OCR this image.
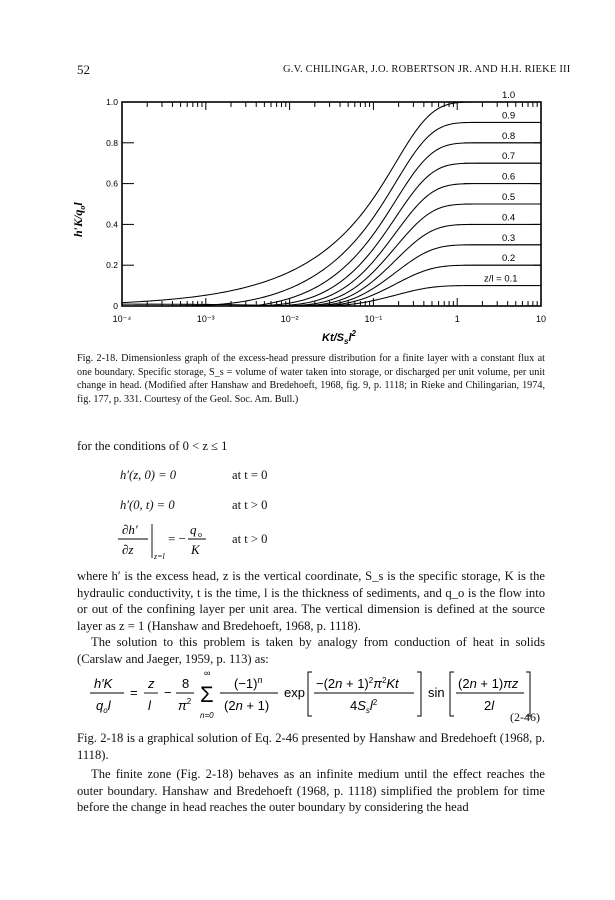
52	G.V. CHILINGAR, J.O. ROBERTSON JR. AND H.H. RIEKE III
10⁻⁴	10⁻³	10⁻²	10⁻¹	1	10
0
0.2
0.4
0.6
0.8
1.0
z/l = 0.1
0.2
0.3
0.4
0.5
0.6
0.7
0.8
0.9
1.0
$h'K/q_ol$
$Kt/S_sl^2$
Fig. 2-18. Dimensionless graph of the excess-head pressure distribution for a finite layer with a constant flux at one boundary. Specific storage, S_s = volume of water taken into storage, or discharged per unit volume, per unit change in head. (Modified after Hanshaw and Bredehoeft, 1968, fig. 9, p. 1118; in Rieke and Chilingarian, 1974, fig. 177, p. 331. Courtesy of the Geol. Soc. Am. Bull.)
for the conditions of 0 < z ≤ 1
h′(z, 0) = 0	at t = 0
h′(0, t) = 0	at t > 0
∂h′
∂z	z=l
= −
q o
K
at t > 0
where h′ is the excess head, z is the vertical coordinate, S_s is the specific storage, K is the hydraulic conductivity, t is the time, l is the thickness of sediments, and q_o is the flow into or out of the confining layer per unit area. The vertical dimension is defined at the source layer as z = 1 (Hanshaw and Bredehoeft, 1968, p. 1118).
The solution to this problem is taken by analogy from conduction of heat in solids (Carslaw and Jaeger, 1959, p. 113) as:
h′K
$q_ol$
=
z
l
−
8
$\pi^2$
∞
Σ
n=0
$(-1)^n$
(2n + 1)
exp
$-(2n + 1)^2\pi^2Kt$
$4S_sl^2$
sin
(2n + 1)πz
2l
(2-46)
Fig. 2-18 is a graphical solution of Eq. 2-46 presented by Hanshaw and Bredehoeft (1968, p. 1118).
The finite zone (Fig. 2-18) behaves as an infinite medium until the effect reaches the outer boundary. Hanshaw and Bredehoeft (1968, p. 1118) simplified the problem for time before the change in head reaches the outer boundary by considering the head
